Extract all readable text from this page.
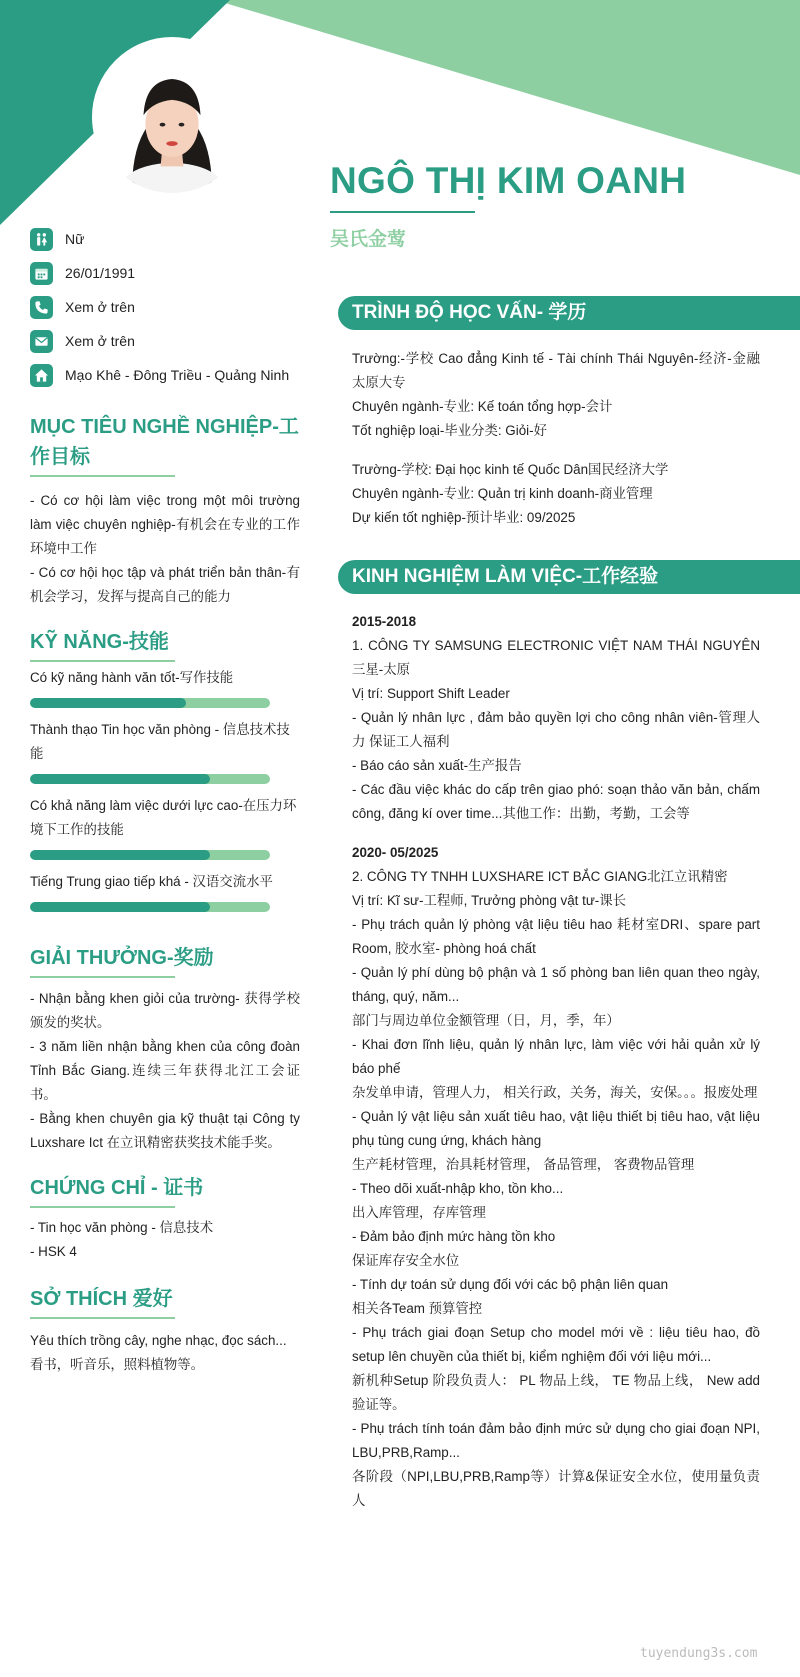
NGÔ THỊ KIM OANH
吴氏金莺
Nữ
26/01/1991
Xem ở trên
Xem ở trên
Mạo Khê - Đông Triều - Quảng Ninh
MỤC TIÊU NGHỀ NGHIỆP-工作目标
- Có cơ hội làm việc trong một môi trường làm việc chuyên nghiệp-有机会在专业的工作环境中工作
- Có cơ hội học tập và phát triển bản thân-有机会学习，发挥与提高自己的能力
KỸ NĂNG-技能
Có kỹ năng hành văn tốt-写作技能
Thành thạo Tin học văn phòng - 信息技术技能
Có khả năng làm việc dưới lực cao-在压力环境下工作的技能
Tiếng Trung giao tiếp khá - 汉语交流水平
GIẢI THƯỞNG-奖励
- Nhận bằng khen giỏi của trường- 获得学校颁发的奖状。
- 3 năm liền nhận bằng khen của công đoàn Tỉnh Bắc Giang.连续三年获得北江工会证书。
- Bằng khen chuyên gia kỹ thuật tại Công ty Luxshare Ict 在立讯精密获奖技术能手奖。
CHỨNG CHỈ - 证书
- Tin học văn phòng - 信息技术
- HSK 4
SỞ THÍCH 爱好
Yêu thích trồng cây, nghe nhạc, đọc sách...
看书，听音乐，照料植物等。
TRÌNH ĐỘ HỌC VẤN- 学历
Trường:-学校 Cao đẳng Kinh tế - Tài chính Thái Nguyên-经济-金融太原大专
Chuyên ngành-专业: Kế toán tổng hợp-会计
Tốt nghiệp loại-毕业分类: Giỏi-好
Trường-学校: Đại học kinh tế Quốc Dân国民经济大学
Chuyên ngành-专业: Quản trị kinh doanh-商业管理
Dự kiến tốt nghiệp-预计毕业: 09/2025
KINH NGHIỆM LÀM VIỆC-工作经验
2015-2018
1. CÔNG TY SAMSUNG ELECTRONIC VIỆT NAM THÁI NGUYÊN三星-太原
Vị trí: Support Shift Leader
- Quản lý nhân lực , đảm bảo quyền lợi cho công nhân viên-管理人力 保证工人福利
- Báo cáo sản xuất-生产报告
- Các đầu việc khác do cấp trên giao phó: soạn thảo văn bản, chấm công, đăng kí over time...其他工作：出勤，考勤，工会等
2020- 05/2025
2. CÔNG TY TNHH LUXSHARE ICT BẮC GIANG北江立讯精密
Vị trí: Kĩ sư-工程师, Trưởng phòng vật tư-课长
- Phụ trách quản lý phòng vật liệu tiêu hao 耗材室DRI、spare part Room, 胶水室- phòng hoá chất
- Quản lý phí dùng bộ phận và 1 số phòng ban liên quan theo ngày, tháng, quý, năm...
部门与周边单位金额管理（日，月，季，年）
- Khai đơn lĩnh liệu, quản lý nhân lực, làm việc với hải quản xử lý báo phế
杂发单申请，管理人力， 相关行政，关务，海关，安保。。。报废处理
- Quản lý vật liệu sản xuất tiêu hao, vật liệu thiết bị tiêu hao, vật liệu phụ tùng cung ứng, khách hàng
生产耗材管理，治具耗材管理， 备品管理， 客费物品管理
- Theo dõi xuất-nhập kho, tồn kho...
出入库管理，存库管理
- Đảm bảo định mức hàng tồn kho
保证库存安全水位
- Tính dự toán sử dụng đối với các bộ phận liên quan
相关各Team 预算管控
- Phụ trách giai đoạn Setup cho model mới về : liệu tiêu hao, đồ setup lên chuyền của thiết bị, kiểm nghiệm đối với liệu mới...
新机种Setup 阶段负责人： PL 物品上线， TE 物品上线， New add 验证等。
- Phụ trách tính toán đảm bảo định mức sử dụng cho giai đoạn NPI, LBU,PRB,Ramp...
各阶段（NPI,LBU,PRB,Ramp等）计算&保证安全水位，使用量负责人
tuyendung3s.com
